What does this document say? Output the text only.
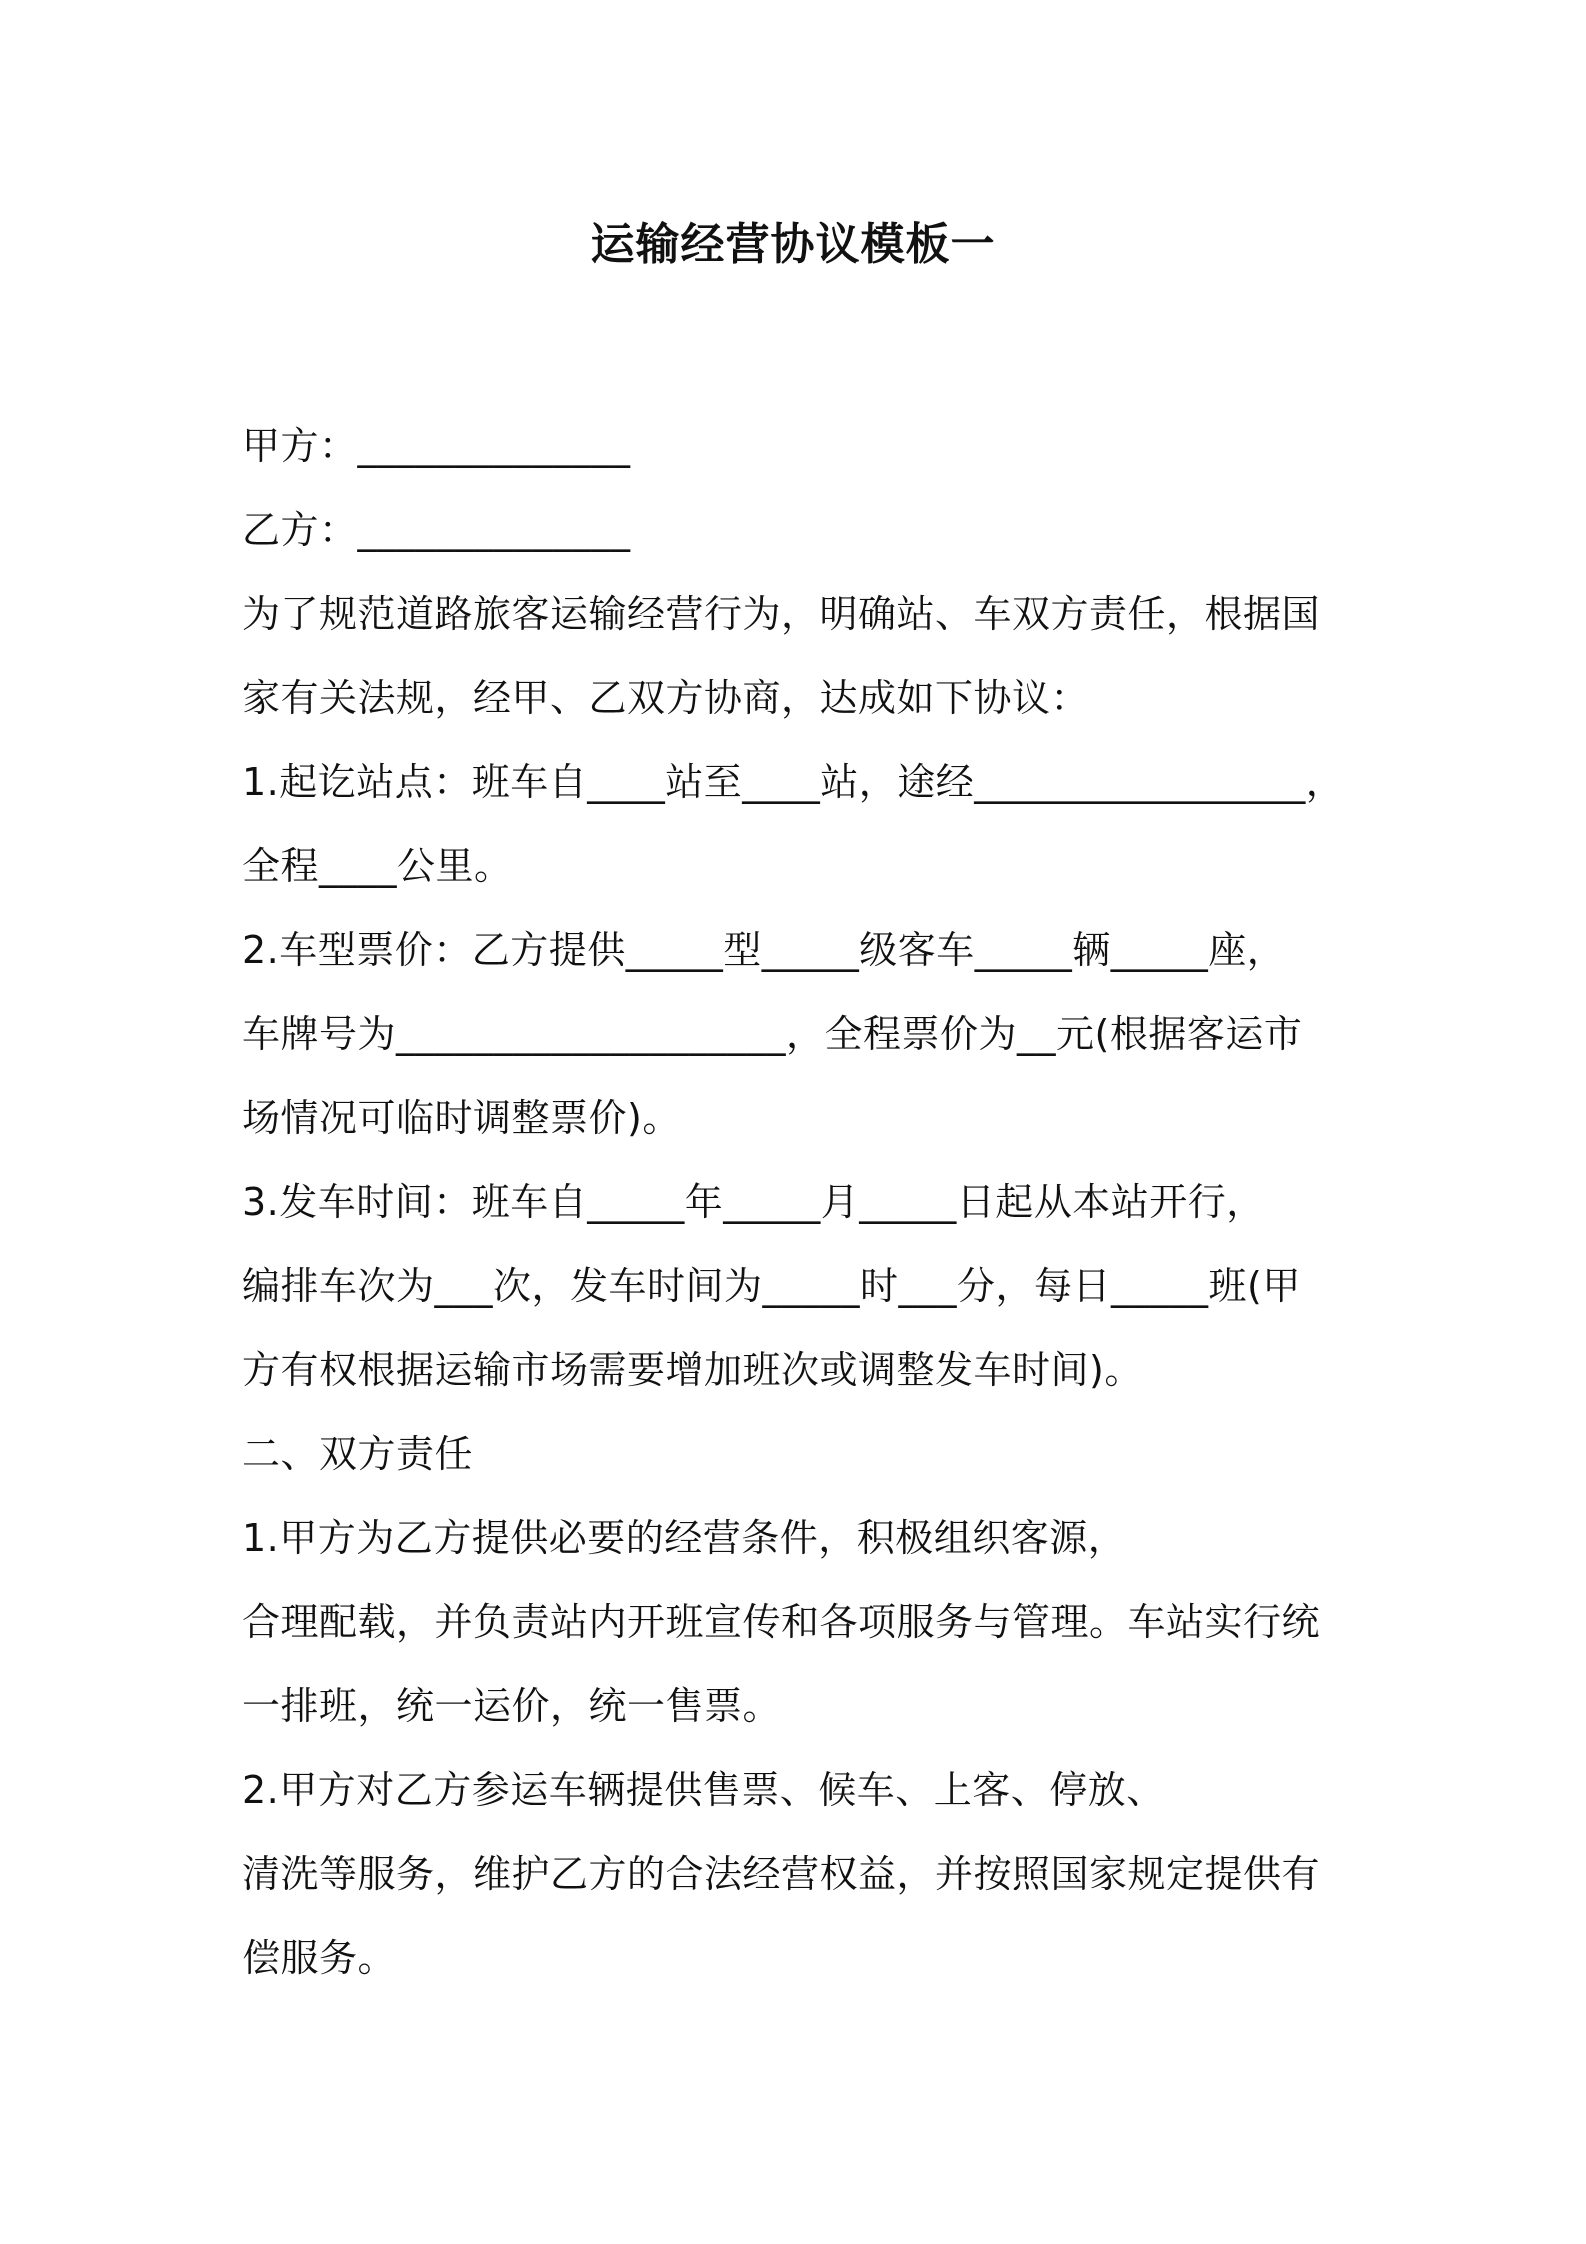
运输经营协议模板一

甲方：______________

乙方：______________

为了规范道路旅客运输经营行为，明确站、车双方责任，根据国

家有关法规，经甲、乙双方协商，达成如下协议：

1.起讫站点：班车自____站至____站，途经_________________，

全程____公里。

2.车型票价：乙方提供_____型_____级客车_____辆_____座，

车牌号为____________________，全程票价为__元(根据客运市

场情况可临时调整票价)。

3.发车时间：班车自_____年_____月_____日起从本站开行，

编排车次为___次，发车时间为_____时___分，每日_____班(甲

方有权根据运输市场需要增加班次或调整发车时间)。

二、双方责任

1.甲方为乙方提供必要的经营条件，积极组织客源，

合理配载，并负责站内开班宣传和各项服务与管理。车站实行统

一排班，统一运价，统一售票。

2.甲方对乙方参运车辆提供售票、候车、上客、停放、

清洗等服务，维护乙方的合法经营权益，并按照国家规定提供有

偿服务。
